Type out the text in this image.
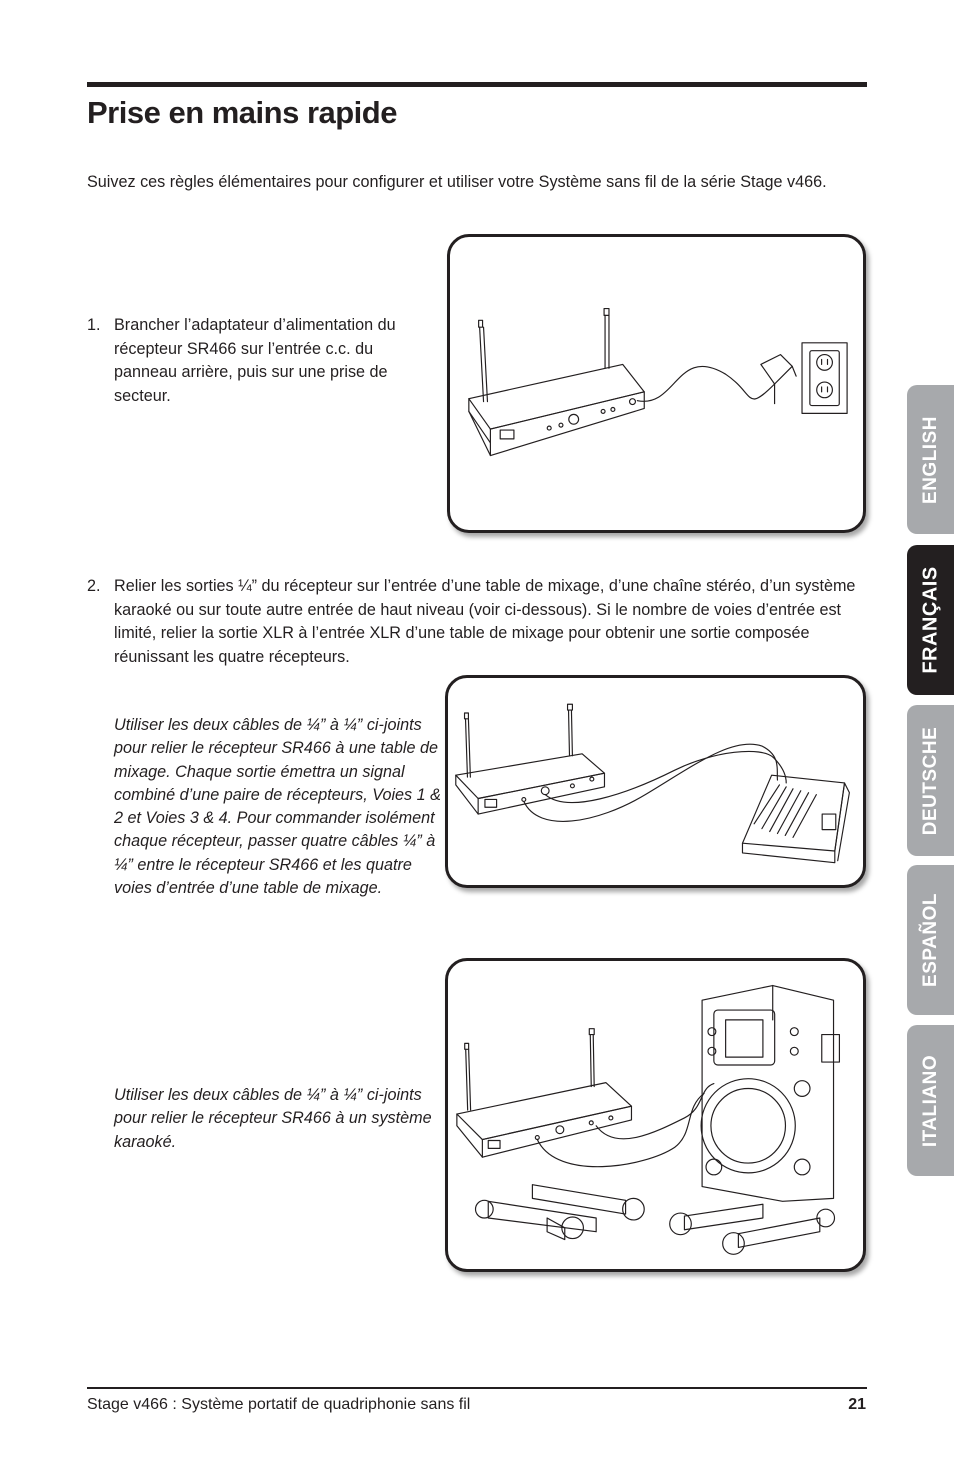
Prise en mains rapide

Suivez ces règles élémentaires pour configurer et utiliser votre Système sans fil de la série Stage v466.

1. Brancher l’adaptateur d’alimentation du récepteur SR466 sur l’entrée c.c. du panneau arrière, puis sur une prise de secteur.
2. Relier les sorties ¼” du récepteur sur l’entrée d’une table de mixage, d’une chaîne stéréo, d’un système karaoké ou sur toute autre entrée de haut niveau (voir ci-dessous). Si le nombre de voies d’entrée est limité, relier la sortie XLR à l’entrée XLR d’une table de mixage pour obtenir une sortie composée réunissant les quatre récepteurs.

Utiliser les deux câbles de ¼” à ¼” ci-joints pour relier le récepteur SR466 à une table de mixage. Chaque sortie émettra un signal combiné d’une paire de récepteurs, Voies 1 & 2 et Voies 3 & 4. Pour commander isolément chaque récepteur, passer quatre câbles ¼” à ¼” entre le récepteur SR466 et les quatre voies d’entrée d’une table de mixage.

Utiliser les deux câbles de ¼” à ¼” ci-joints pour relier le récepteur SR466 à un système karaoké.

ENGLISH
FRANÇAIS
DEUTSCHE
ESPAÑOL
ITALIANO
Stage v466 : Système portatif de quadriphonie sans fil	21
